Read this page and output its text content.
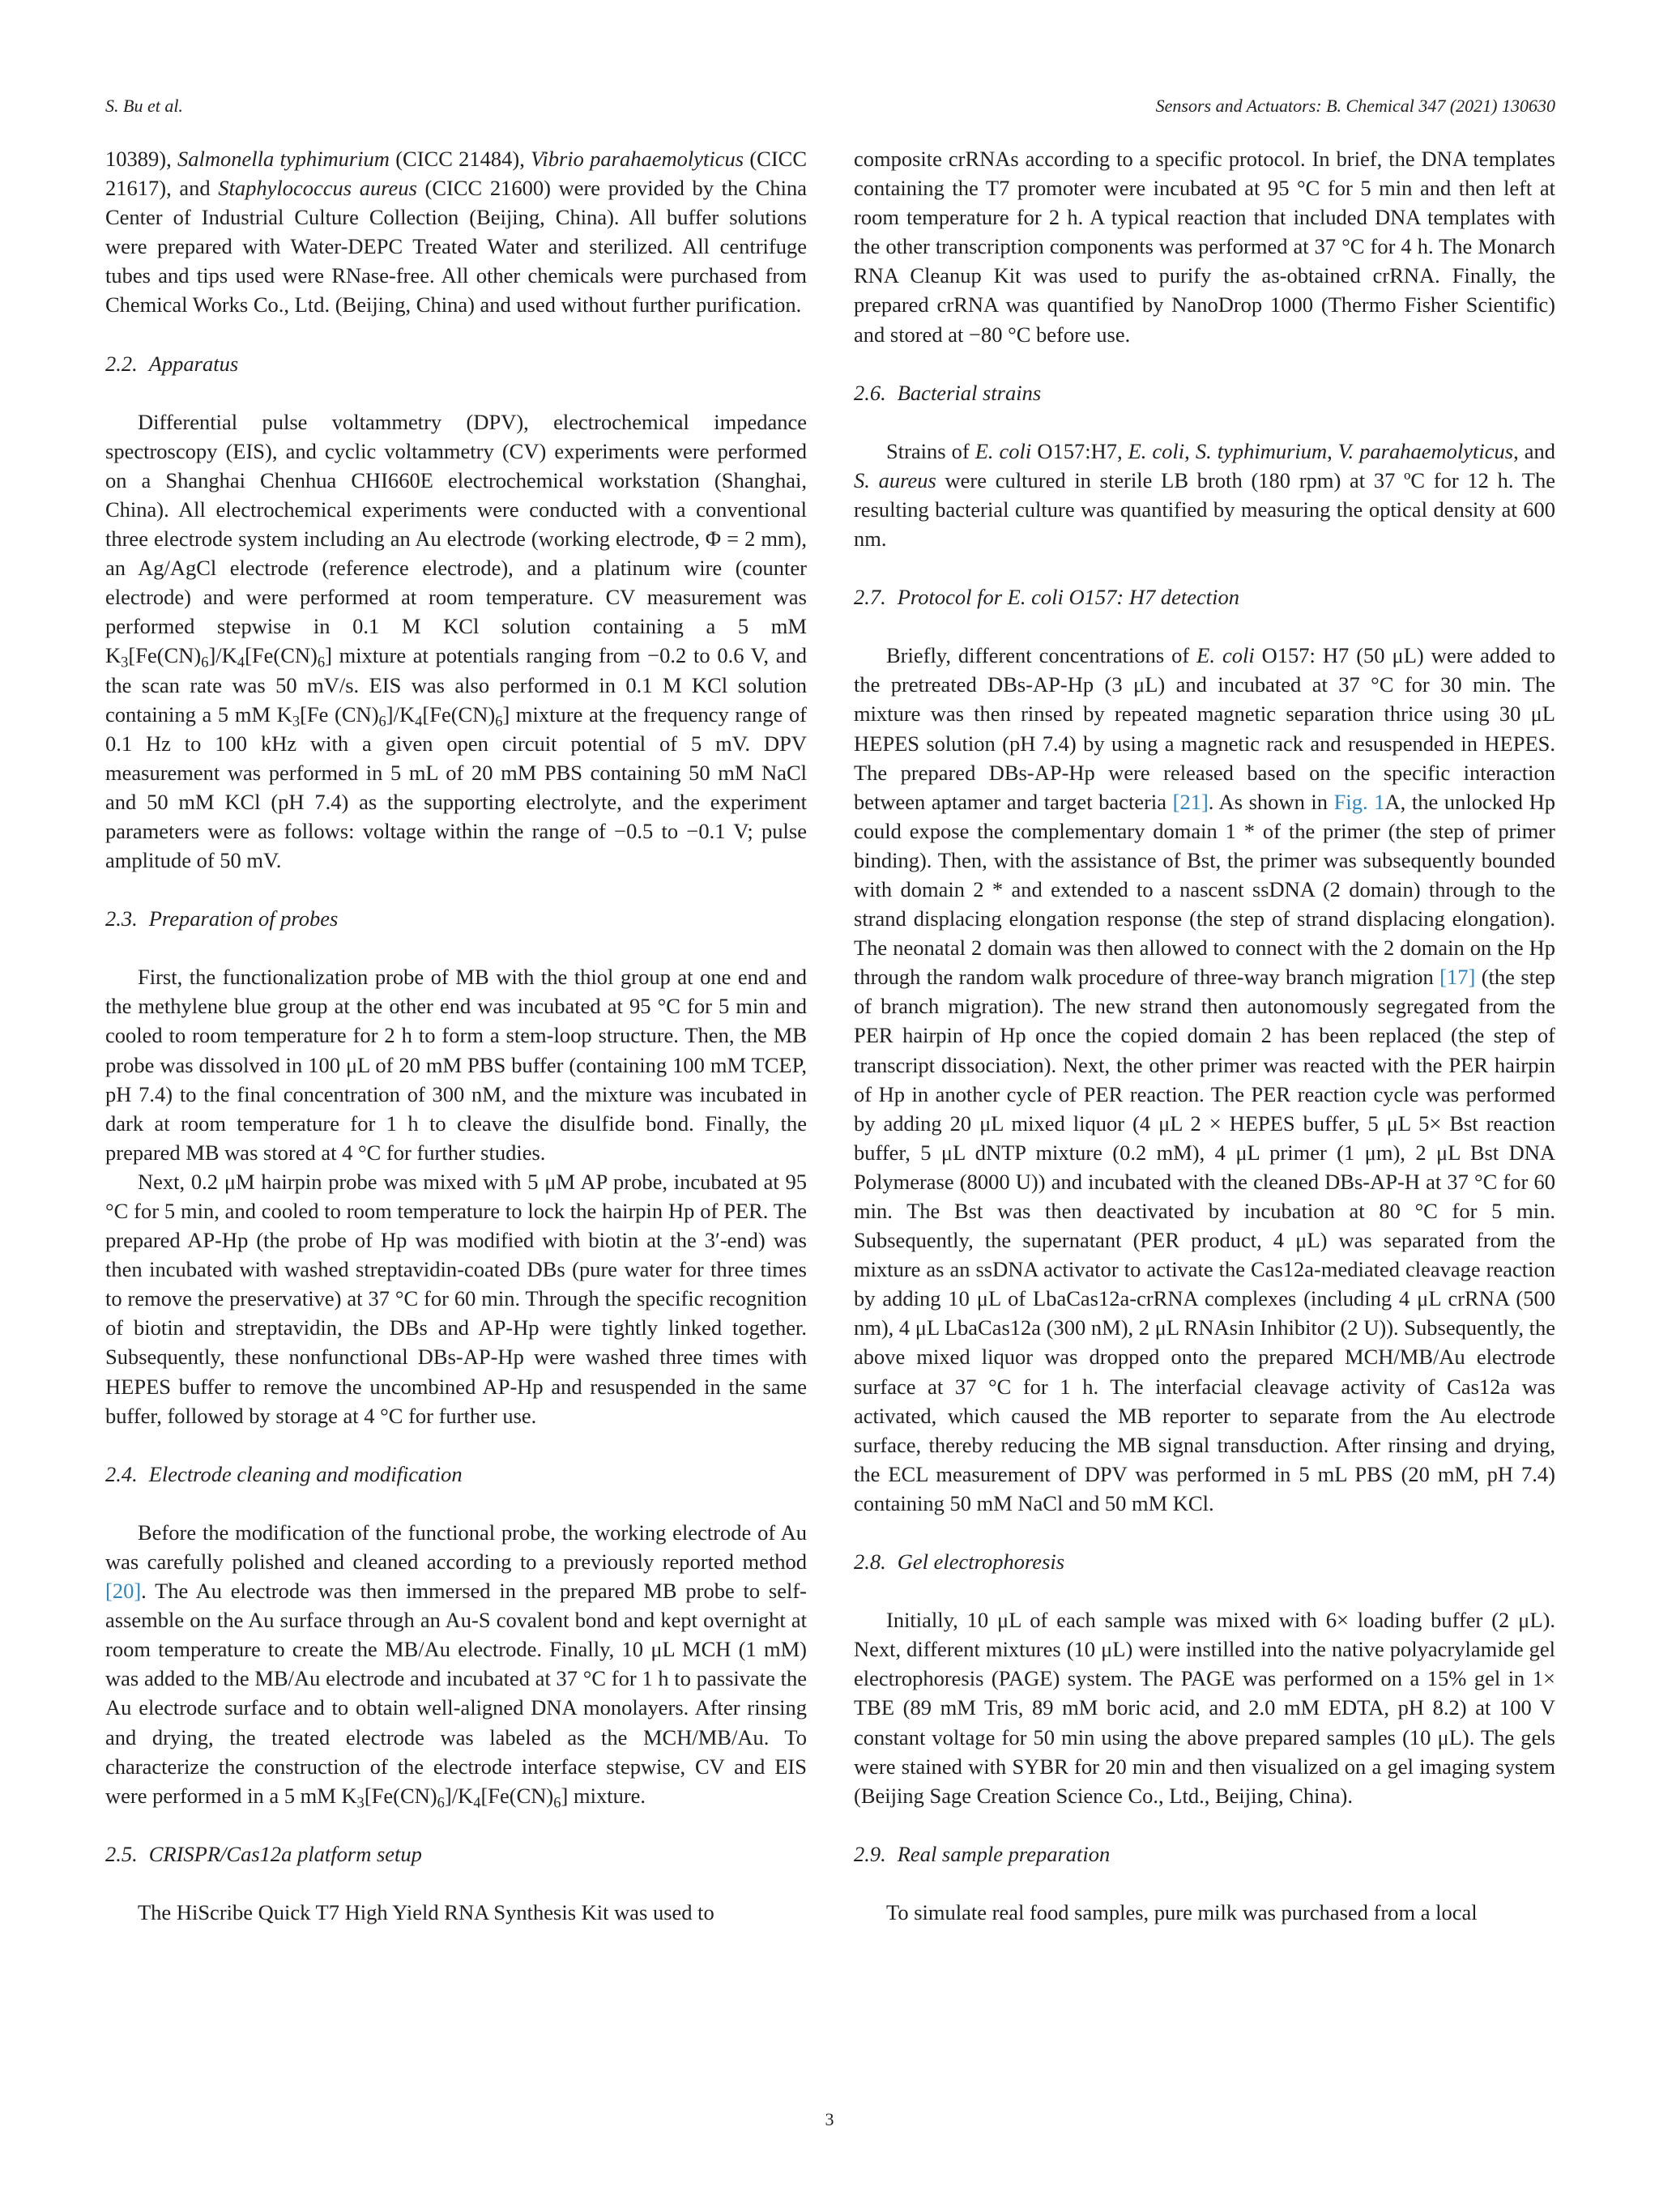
S. Bu et al.	Sensors and Actuators: B. Chemical 347 (2021) 130630

10389), Salmonella typhimurium (CICC 21484), Vibrio parahaemolyticus (CICC 21617), and Staphylococcus aureus (CICC 21600) were provided by the China Center of Industrial Culture Collection (Beijing, China). All buffer solutions were prepared with Water-DEPC Treated Water and sterilized. All centrifuge tubes and tips used were RNase-free. All other chemicals were purchased from Chemical Works Co., Ltd. (Beijing, China) and used without further purification.

2.2. Apparatus

Differential pulse voltammetry (DPV), electrochemical impedance spectroscopy (EIS), and cyclic voltammetry (CV) experiments were performed on a Shanghai Chenhua CHI660E electrochemical workstation (Shanghai, China). All electrochemical experiments were conducted with a conventional three electrode system including an Au electrode (working electrode, Φ = 2 mm), an Ag/AgCl electrode (reference electrode), and a platinum wire (counter electrode) and were performed at room temperature. CV measurement was performed stepwise in 0.1 M KCl solution containing a 5 mM $K_3[Fe(CN)_6]/K_4[Fe(CN)_6]$ mixture at potentials ranging from −0.2 to 0.6 V, and the scan rate was 50 mV/s. EIS was also performed in 0.1 M KCl solution containing a 5 mM $K_3[Fe$ $(CN)_6]/K_4[Fe(CN)_6]$ mixture at the frequency range of 0.1 Hz to 100 kHz with a given open circuit potential of 5 mV. DPV measurement was performed in 5 mL of 20 mM PBS containing 50 mM NaCl and 50 mM KCl (pH 7.4) as the supporting electrolyte, and the experiment parameters were as follows: voltage within the range of −0.5 to −0.1 V; pulse amplitude of 50 mV.

2.3. Preparation of probes

First, the functionalization probe of MB with the thiol group at one end and the methylene blue group at the other end was incubated at 95 °C for 5 min and cooled to room temperature for 2 h to form a stem-loop structure. Then, the MB probe was dissolved in 100 μL of 20 mM PBS buffer (containing 100 mM TCEP, pH 7.4) to the final concentration of 300 nM, and the mixture was incubated in dark at room temperature for 1 h to cleave the disulfide bond. Finally, the prepared MB was stored at 4 °C for further studies.

Next, 0.2 μM hairpin probe was mixed with 5 μM AP probe, incubated at 95 °C for 5 min, and cooled to room temperature to lock the hairpin Hp of PER. The prepared AP-Hp (the probe of Hp was modified with biotin at the 3′-end) was then incubated with washed streptavidin-coated DBs (pure water for three times to remove the preservative) at 37 °C for 60 min. Through the specific recognition of biotin and streptavidin, the DBs and AP-Hp were tightly linked together. Subsequently, these nonfunctional DBs-AP-Hp were washed three times with HEPES buffer to remove the uncombined AP-Hp and resuspended in the same buffer, followed by storage at 4 °C for further use.

2.4. Electrode cleaning and modification

Before the modification of the functional probe, the working electrode of Au was carefully polished and cleaned according to a previously reported method [20]. The Au electrode was then immersed in the prepared MB probe to self-assemble on the Au surface through an Au-S covalent bond and kept overnight at room temperature to create the MB/Au electrode. Finally, 10 μL MCH (1 mM) was added to the MB/Au electrode and incubated at 37 °C for 1 h to passivate the Au electrode surface and to obtain well-aligned DNA monolayers. After rinsing and drying, the treated electrode was labeled as the MCH/MB/Au. To characterize the construction of the electrode interface stepwise, CV and EIS were performed in a 5 mM $K_3[Fe(CN)_6]/K_4[Fe(CN)_6]$ mixture.

2.5. CRISPR/Cas12a platform setup

The HiScribe Quick T7 High Yield RNA Synthesis Kit was used to

composite crRNAs according to a specific protocol. In brief, the DNA templates containing the T7 promoter were incubated at 95 °C for 5 min and then left at room temperature for 2 h. A typical reaction that included DNA templates with the other transcription components was performed at 37 °C for 4 h. The Monarch RNA Cleanup Kit was used to purify the as-obtained crRNA. Finally, the prepared crRNA was quantified by NanoDrop 1000 (Thermo Fisher Scientific) and stored at −80 °C before use.

2.6. Bacterial strains

Strains of E. coli O157:H7, E. coli, S. typhimurium, V. parahaemolyticus, and S. aureus were cultured in sterile LB broth (180 rpm) at 37 ºC for 12 h. The resulting bacterial culture was quantified by measuring the optical density at 600 nm.

2.7. Protocol for E. coli O157: H7 detection

Briefly, different concentrations of E. coli O157: H7 (50 μL) were added to the pretreated DBs-AP-Hp (3 μL) and incubated at 37 °C for 30 min. The mixture was then rinsed by repeated magnetic separation thrice using 30 μL HEPES solution (pH 7.4) by using a magnetic rack and resuspended in HEPES. The prepared DBs-AP-Hp were released based on the specific interaction between aptamer and target bacteria [21]. As shown in Fig. 1A, the unlocked Hp could expose the complementary domain 1 * of the primer (the step of primer binding). Then, with the assistance of Bst, the primer was subsequently bounded with domain 2 * and extended to a nascent ssDNA (2 domain) through to the strand displacing elongation response (the step of strand displacing elongation). The neonatal 2 domain was then allowed to connect with the 2 domain on the Hp through the random walk procedure of three-way branch migration [17] (the step of branch migration). The new strand then autonomously segregated from the PER hairpin of Hp once the copied domain 2 has been replaced (the step of transcript dissociation). Next, the other primer was reacted with the PER hairpin of Hp in another cycle of PER reaction. The PER reaction cycle was performed by adding 20 μL mixed liquor (4 μL 2 × HEPES buffer, 5 μL 5× Bst reaction buffer, 5 μL dNTP mixture (0.2 mM), 4 μL primer (1 μm), 2 μL Bst DNA Polymerase (8000 U)) and incubated with the cleaned DBs-AP-H at 37 °C for 60 min. The Bst was then deactivated by incubation at 80 °C for 5 min. Subsequently, the supernatant (PER product, 4 μL) was separated from the mixture as an ssDNA activator to activate the Cas12a-mediated cleavage reaction by adding 10 μL of LbaCas12a-crRNA complexes (including 4 μL crRNA (500 nm), 4 μL LbaCas12a (300 nM), 2 μL RNAsin Inhibitor (2 U)). Subsequently, the above mixed liquor was dropped onto the prepared MCH/MB/Au electrode surface at 37 °C for 1 h. The interfacial cleavage activity of Cas12a was activated, which caused the MB reporter to separate from the Au electrode surface, thereby reducing the MB signal transduction. After rinsing and drying, the ECL measurement of DPV was performed in 5 mL PBS (20 mM, pH 7.4) containing 50 mM NaCl and 50 mM KCl.

2.8. Gel electrophoresis

Initially, 10 μL of each sample was mixed with 6× loading buffer (2 μL). Next, different mixtures (10 μL) were instilled into the native polyacrylamide gel electrophoresis (PAGE) system. The PAGE was performed on a 15% gel in 1× TBE (89 mM Tris, 89 mM boric acid, and 2.0 mM EDTA, pH 8.2) at 100 V constant voltage for 50 min using the above prepared samples (10 μL). The gels were stained with SYBR for 20 min and then visualized on a gel imaging system (Beijing Sage Creation Science Co., Ltd., Beijing, China).

2.9. Real sample preparation

To simulate real food samples, pure milk was purchased from a local

3
